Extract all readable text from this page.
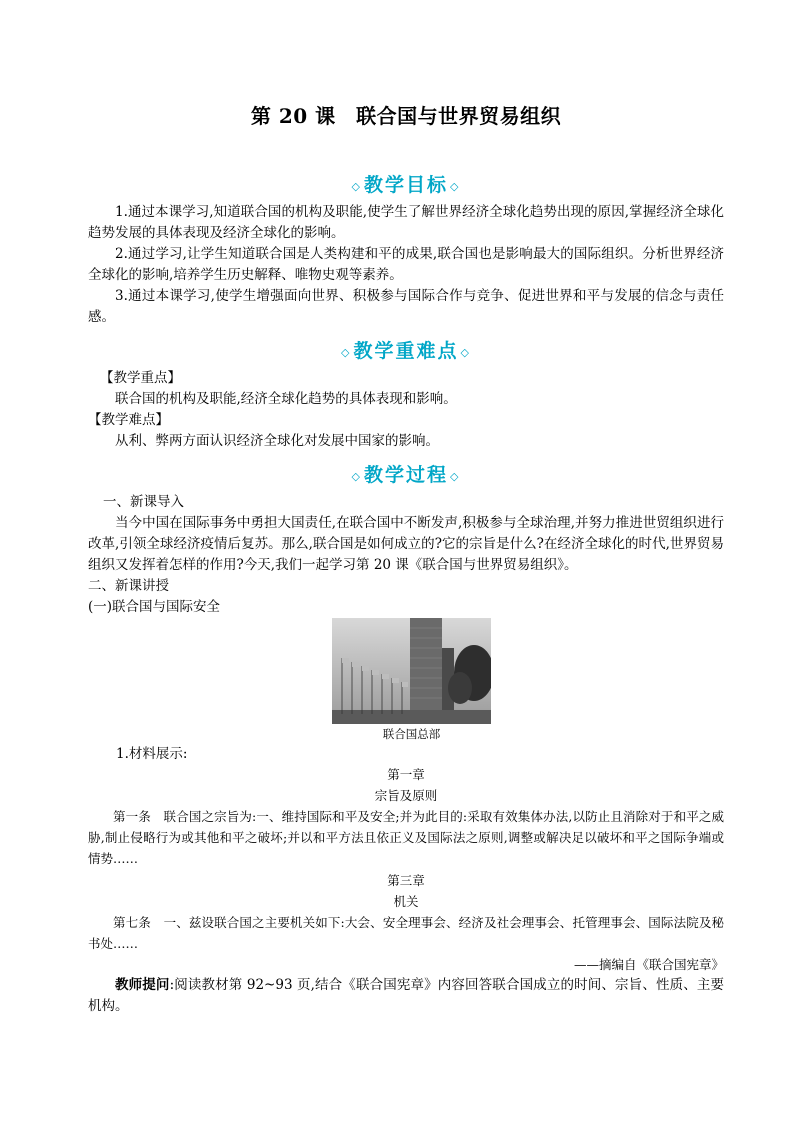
第 20 课　联合国与世界贸易组织
◇ 教学目标 ◇
1.通过本课学习,知道联合国的机构及职能,使学生了解世界经济全球化趋势出现的原因,掌握经济全球化趋势发展的具体表现及经济全球化的影响。
2.通过学习,让学生知道联合国是人类构建和平的成果,联合国也是影响最大的国际组织。分析世界经济全球化的影响,培养学生历史解释、唯物史观等素养。
3.通过本课学习,使学生增强面向世界、积极参与国际合作与竞争、促进世界和平与发展的信念与责任感。
◇ 教学重难点 ◇
【教学重点】
联合国的机构及职能,经济全球化趋势的具体表现和影响。
【教学难点】
从利、弊两方面认识经济全球化对发展中国家的影响。
◇ 教学过程 ◇
一、新课导入
当今中国在国际事务中勇担大国责任,在联合国中不断发声,积极参与全球治理,并努力推进世贸组织进行改革,引领全球经济疫情后复苏。那么,联合国是如何成立的?它的宗旨是什么?在经济全球化的时代,世界贸易组织又发挥着怎样的作用?今天,我们一起学习第 20 课《联合国与世界贸易组织》。
二、新课讲授
(一)联合国与国际安全
联合国总部
1.材料展示:
第一章
宗旨及原则
第一条　联合国之宗旨为:一、维持国际和平及安全;并为此目的:采取有效集体办法,以防止且消除对于和平之威胁,制止侵略行为或其他和平之破坏;并以和平方法且依正义及国际法之原则,调整或解决足以破坏和平之国际争端或情势……
第三章
机关
第七条　一、兹设联合国之主要机关如下:大会、安全理事会、经济及社会理事会、托管理事会、国际法院及秘书处……
——摘编自《联合国宪章》
教师提问:阅读教材第 92~93 页,结合《联合国宪章》内容回答联合国成立的时间、宗旨、性质、主要机构。
